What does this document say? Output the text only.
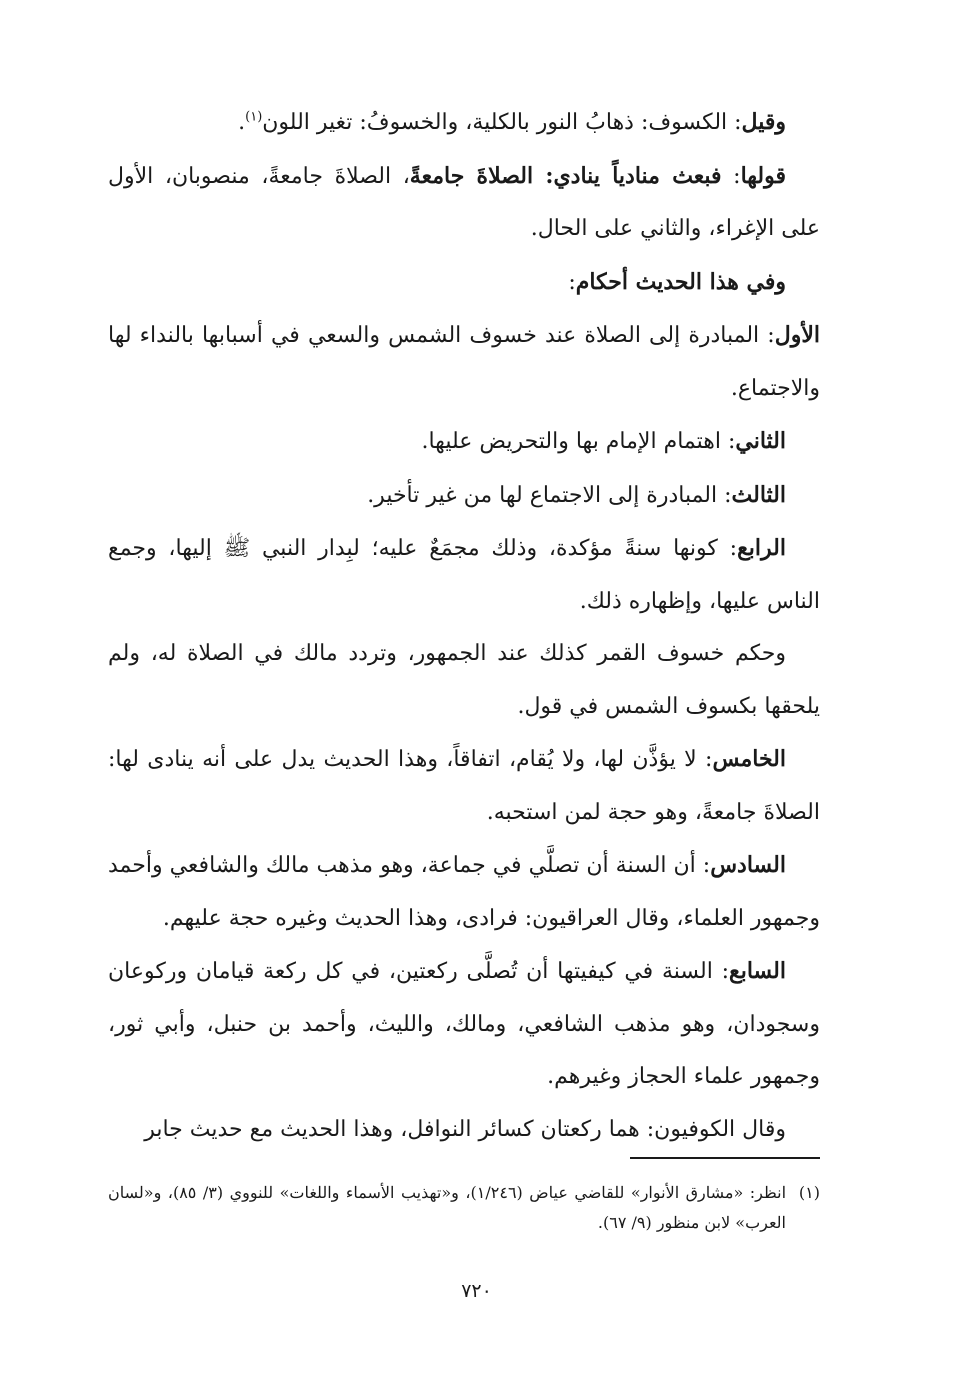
وقيل: الكسوف: ذهابُ النور بالكلية، والخسوفُ: تغير اللون$^{(١)}$.

قولها: فبعث منادياً ينادي: الصلاةَ جامعةً، الصلاةَ جامعةً، منصوبان، الأول على الإغراء، والثاني على الحال.

وفي هذا الحديث أحكام:

الأول: المبادرة إلى الصلاة عند خسوف الشمس والسعي في أسبابها بالنداء لها والاجتماع.

الثاني: اهتمام الإمام بها والتحريض عليها.

الثالث: المبادرة إلى الاجتماع لها من غير تأخير.

الرابع: كونها سنةً مؤكدة، وذلك مجمَعٌ عليه؛ لبِدار النبي ﷺ إليها، وجمع الناس عليها، وإظهاره ذلك.

وحكم خسوف القمر كذلك عند الجمهور، وتردد مالك في الصلاة له، ولم يلحقها بكسوف الشمس في قول.

الخامس: لا يؤذَّن لها، ولا يُقام، اتفاقاً، وهذا الحديث يدل على أنه ينادى لها: الصلاةَ جامعةً، وهو حجة لمن استحبه.

السادس: أن السنة أن تصلَّي في جماعة، وهو مذهب مالك والشافعي وأحمد وجمهور العلماء، وقال العراقيون: فرادى، وهذا الحديث وغيره حجة عليهم.

السابع: السنة في كيفيتها أن تُصلَّى ركعتين، في كل ركعة قيامان وركوعان وسجودان، وهو مذهب الشافعي، ومالك، والليث، وأحمد بن حنبل، وأبي ثور، وجمهور علماء الحجاز وغيرهم.

وقال الكوفيون: هما ركعتان كسائر النوافل، وهذا الحديث مع حديث جابر

(١)
انظر: «مشارق الأنوار» للقاضي عياض (١/٢٤٦)، و«تهذيب الأسماء واللغات» للنووي (٣/ ٨٥)، و«لسان العرب» لابن منظور (٩/ ٦٧).

٧٢٠
